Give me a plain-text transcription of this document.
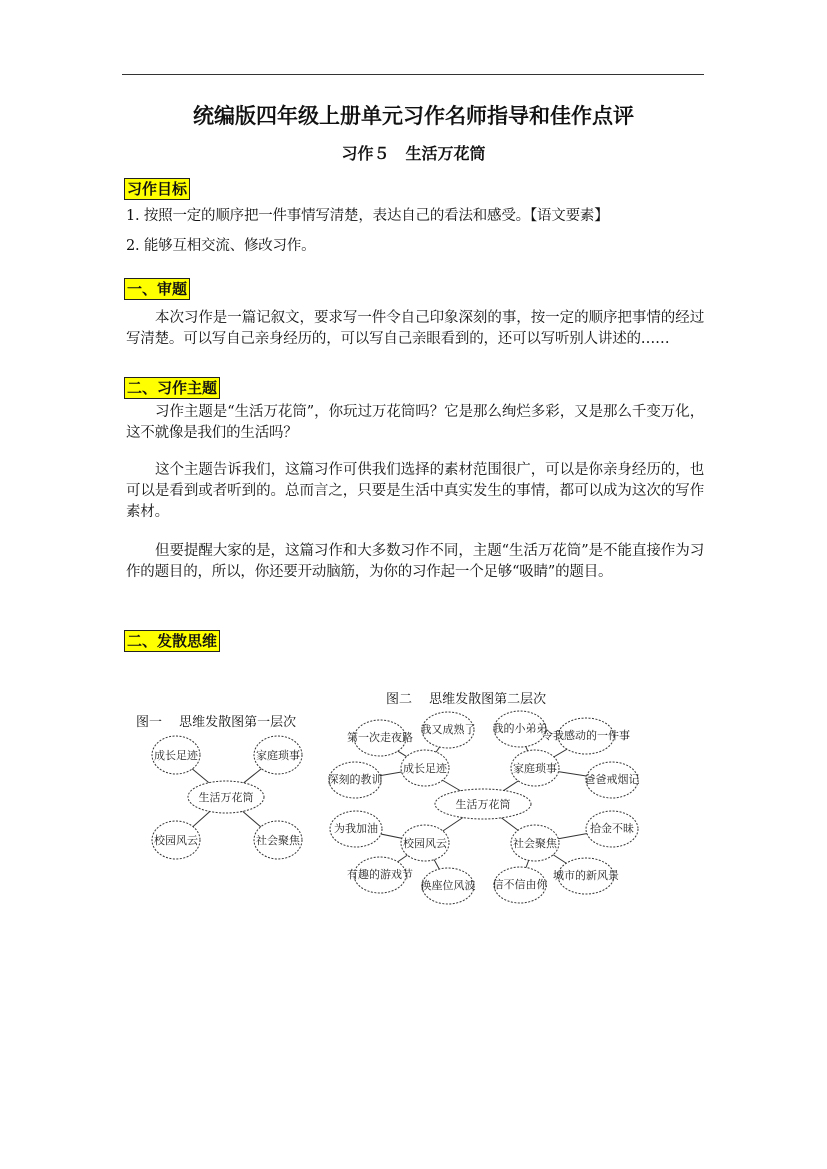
统编版四年级上册单元习作名师指导和佳作点评
习作５　生活万花筒
习作目标
1. 按照一定的顺序把一件事情写清楚，表达自己的看法和感受。【语文要素】
2. 能够互相交流、修改习作。
一、审题
本次习作是一篇记叙文，要求写一件令自己印象深刻的事，按一定的顺序把事情的经过写清楚。可以写自己亲身经历的，可以写自己亲眼看到的，还可以写听别人讲述的……
二、习作主题
习作主题是“生活万花筒”，你玩过万花筒吗？它是那么绚烂多彩，又是那么千变万化，这不就像是我们的生活吗？
这个主题告诉我们，这篇习作可供我们选择的素材范围很广，可以是你亲身经历的，也可以是看到或者听到的。总而言之，只要是生活中真实发生的事情，都可以成为这次的写作素材。
但要提醒大家的是，这篇习作和大多数习作不同，主题“生活万花筒”是不能直接作为习作的题目的，所以，你还要开动脑筋，为你的习作起一个足够“吸睛”的题目。
二、发散思维
图一　 思维发散图第一层次
图二　 思维发散图第二层次
生活万花筒
成长足迹	家庭琐事
校园风云	社会聚焦
生活万花筒
成长足迹	家庭琐事
校园风云	社会聚焦
第一次走夜路
我又成熟了
深刻的教训
我的小弟弟
令我感动的一件事
爸爸戒烟记
为我加油
有趣的游戏节
换座位风波
拾金不昧
信不信由你
城市的新风景
